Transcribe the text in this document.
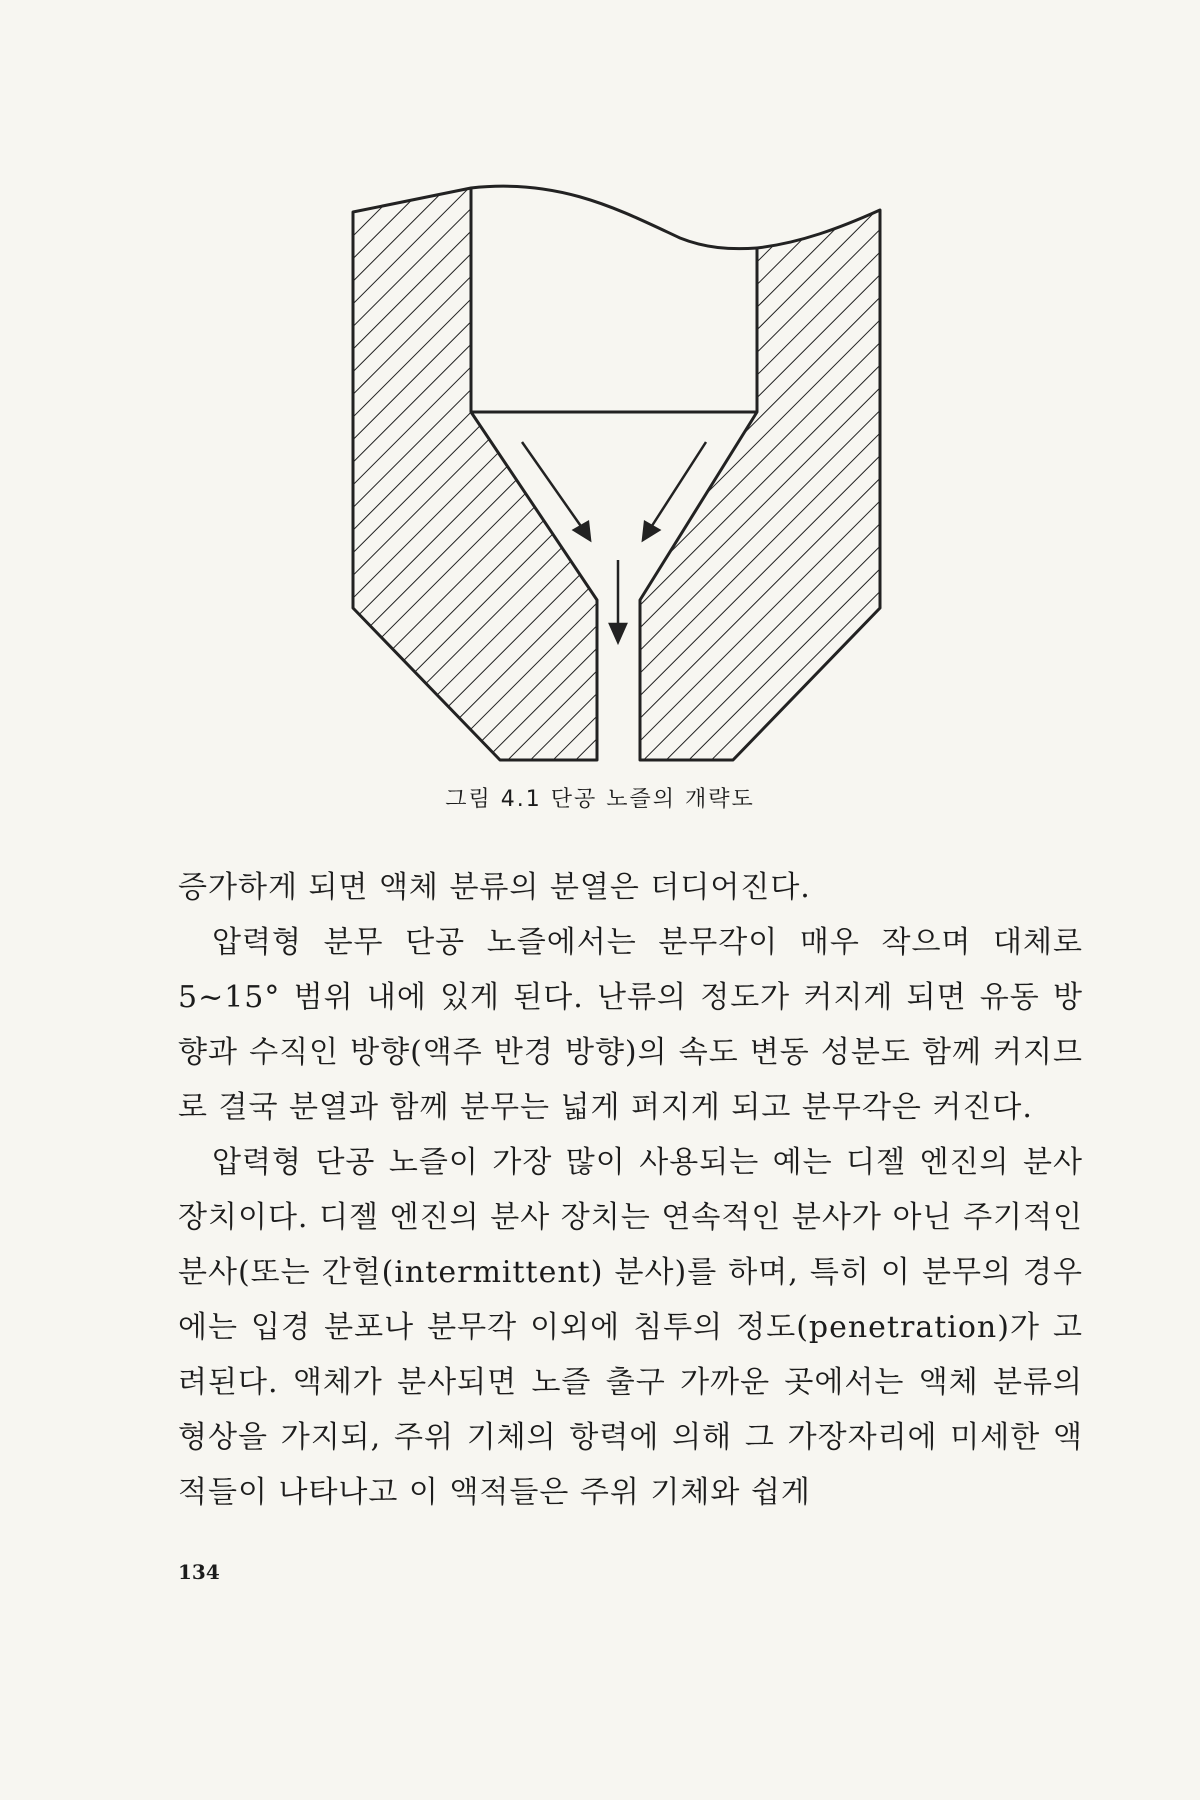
그림 4.1 단공 노즐의 개략도

증가하게 되면 액체 분류의 분열은 더디어진다.

압력형 분무 단공 노즐에서는 분무각이 매우 작으며 대체로 5~15° 범위 내에 있게 된다. 난류의 정도가 커지게 되면 유동 방향과 수직인 방향(액주 반경 방향)의 속도 변동 성분도 함께 커지므로 결국 분열과 함께 분무는 넓게 퍼지게 되고 분무각은 커진다.

압력형 단공 노즐이 가장 많이 사용되는 예는 디젤 엔진의 분사 장치이다. 디젤 엔진의 분사 장치는 연속적인 분사가 아닌 주기적인 분사(또는 간헐(intermittent) 분사)를 하며, 특히 이 분무의 경우에는 입경 분포나 분무각 이외에 침투의 정도(penetration)가 고려된다. 액체가 분사되면 노즐 출구 가까운 곳에서는 액체 분류의 형상을 가지되, 주위 기체의 항력에 의해 그 가장자리에 미세한 액적들이 나타나고 이 액적들은 주위 기체와 쉽게

134
